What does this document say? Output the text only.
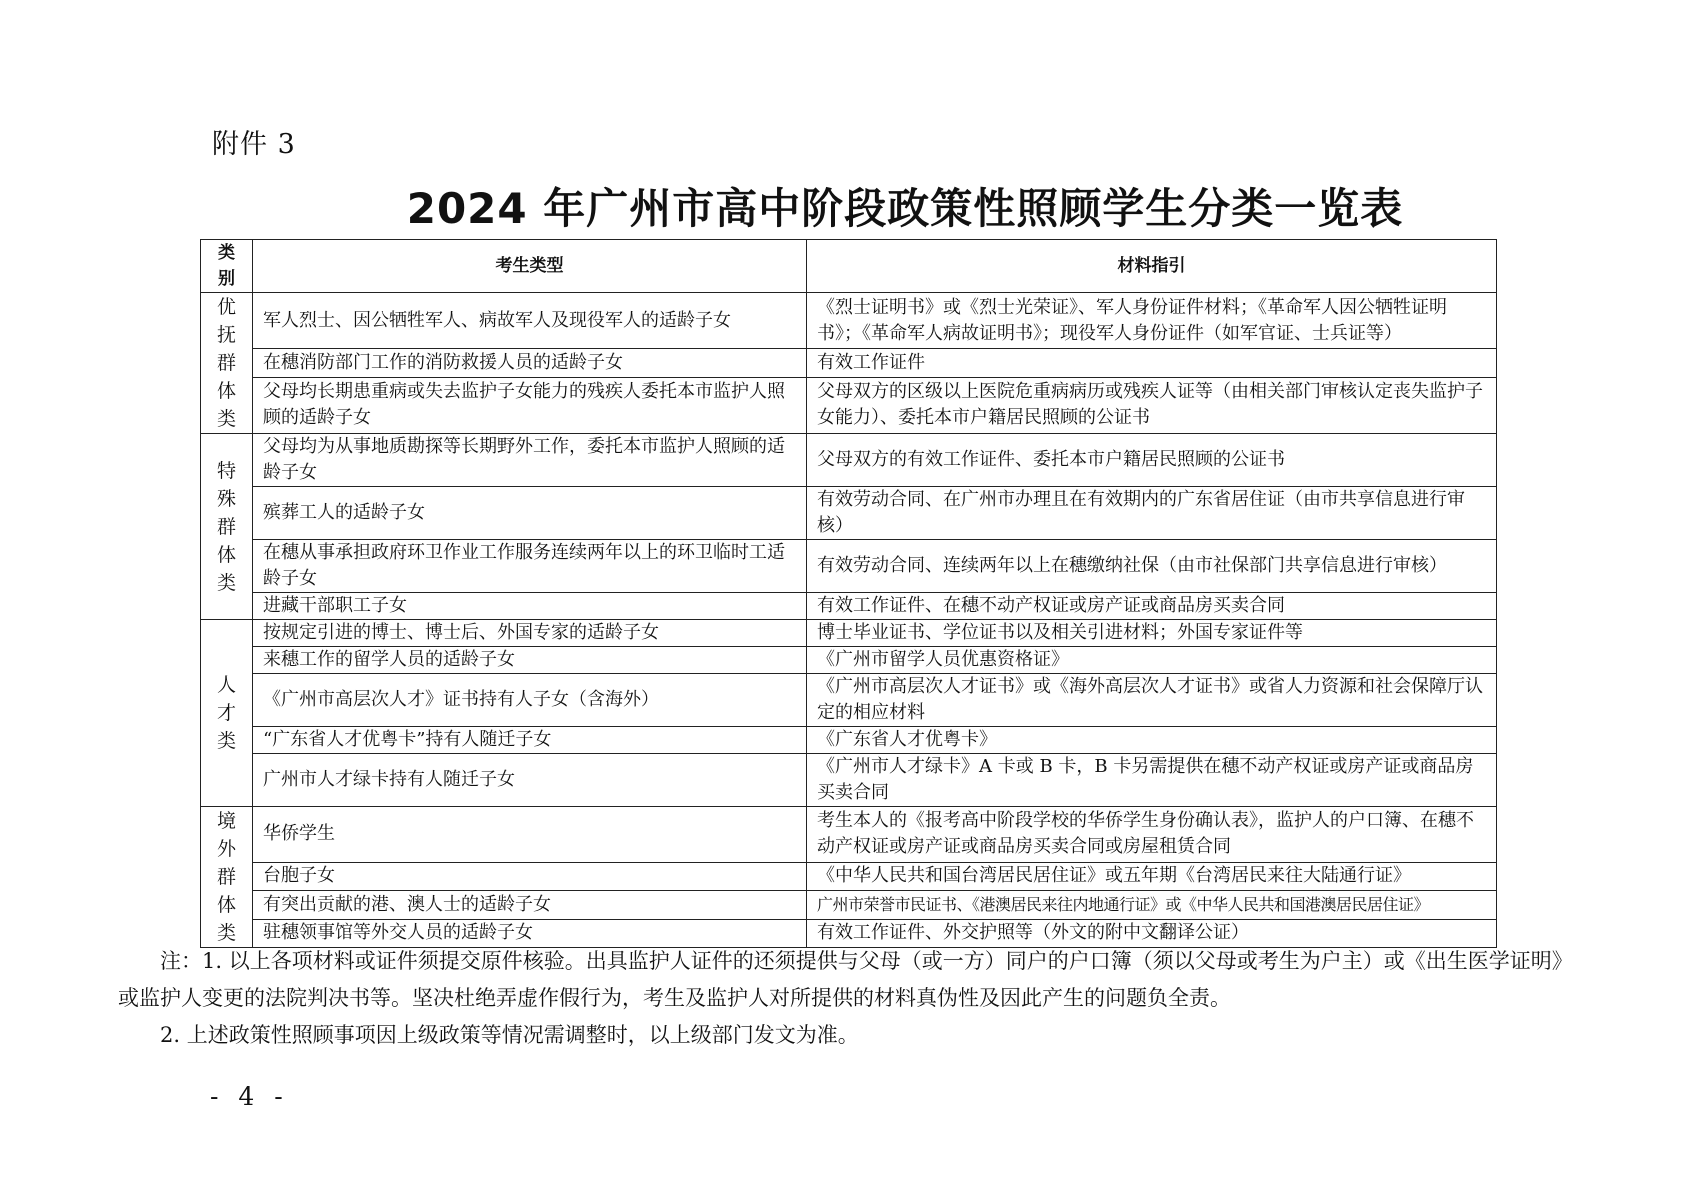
附件 3
2024 年广州市高中阶段政策性照顾学生分类一览表
类别	考生类型	材料指引
优抚群体类	军人烈士、因公牺牲军人、病故军人及现役军人的适龄子女	《烈士证明书》或《烈士光荣证》、军人身份证件材料；《革命军人因公牺牲证明书》；《革命军人病故证明书》；现役军人身份证件（如军官证、士兵证等）
	在穗消防部门工作的消防救援人员的适龄子女	有效工作证件
	父母均长期患重病或失去监护子女能力的残疾人委托本市监护人照顾的适龄子女	父母双方的区级以上医院危重病病历或残疾人证等（由相关部门审核认定丧失监护子女能力）、委托本市户籍居民照顾的公证书
特殊群体类	父母均为从事地质勘探等长期野外工作，委托本市监护人照顾的适龄子女	父母双方的有效工作证件、委托本市户籍居民照顾的公证书
	殡葬工人的适龄子女	有效劳动合同、在广州市办理且在有效期内的广东省居住证（由市共享信息进行审核）
	在穗从事承担政府环卫作业工作服务连续两年以上的环卫临时工适龄子女	有效劳动合同、连续两年以上在穗缴纳社保（由市社保部门共享信息进行审核）
	进藏干部职工子女	有效工作证件、在穗不动产权证或房产证或商品房买卖合同
人才类	按规定引进的博士、博士后、外国专家的适龄子女	博士毕业证书、学位证书以及相关引进材料；外国专家证件等
	来穗工作的留学人员的适龄子女	《广州市留学人员优惠资格证》
	《广州市高层次人才》证书持有人子女（含海外）	《广州市高层次人才证书》或《海外高层次人才证书》或省人力资源和社会保障厅认定的相应材料
	“广东省人才优粤卡”持有人随迁子女	《广东省人才优粤卡》
	广州市人才绿卡持有人随迁子女	《广州市人才绿卡》A 卡或 B 卡，B 卡另需提供在穗不动产权证或房产证或商品房买卖合同
境外群体类	华侨学生	考生本人的《报考高中阶段学校的华侨学生身份确认表》，监护人的户口簿、在穗不动产权证或房产证或商品房买卖合同或房屋租赁合同
	台胞子女	《中华人民共和国台湾居民居住证》或五年期《台湾居民来往大陆通行证》
	有突出贡献的港、澳人士的适龄子女	广州市荣誉市民证书、《港澳居民来往内地通行证》或《中华人民共和国港澳居民居住证》
	驻穗领事馆等外交人员的适龄子女	有效工作证件、外交护照等（外文的附中文翻译公证）

注：1. 以上各项材料或证件须提交原件核验。出具监护人证件的还须提供与父母（或一方）同户的户口簿（须以父母或考生为户主）或《出生医学证明》或监护人变更的法院判决书等。坚决杜绝弄虚作假行为，考生及监护人对所提供的材料真伪性及因此产生的问题负全责。

2. 上述政策性照顾事项因上级政策等情况需调整时，以上级部门发文为准。

- 4 -
